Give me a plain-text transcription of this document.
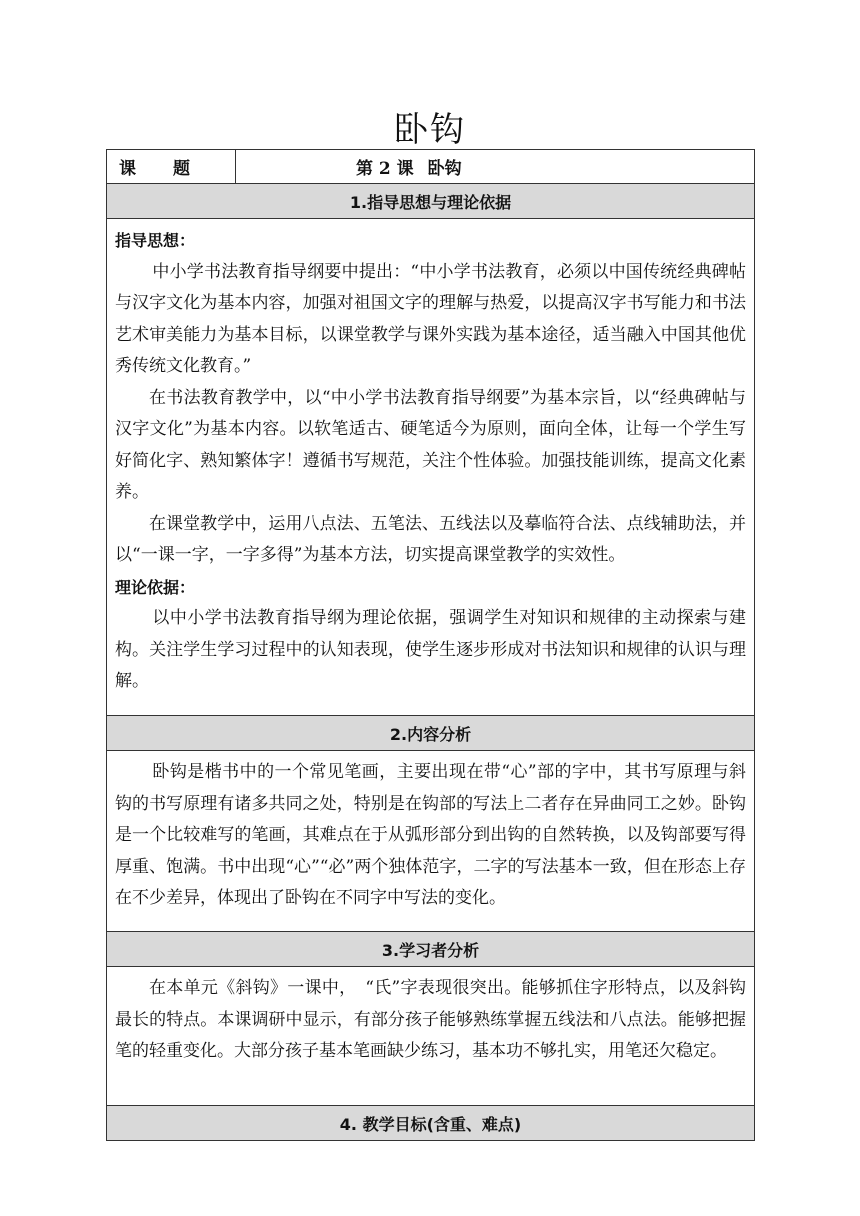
卧钩
课　　题	第 2 课 卧钩
1.指导思想与理论依据

指导思想：

中小学书法教育指导纲要中提出：“中小学书法教育，必须以中国传统经典碑帖与汉字文化为基本内容，加强对祖国文字的理解与热爱，以提高汉字书写能力和书法艺术审美能力为基本目标，以课堂教学与课外实践为基本途径，适当融入中国其他优秀传统文化教育。”

在书法教育教学中，以“中小学书法教育指导纲要”为基本宗旨，以“经典碑帖与汉字文化”为基本内容。以软笔适古、硬笔适今为原则，面向全体，让每一个学生写好简化字、熟知繁体字！遵循书写规范，关注个性体验。加强技能训练，提高文化素养。

在课堂教学中，运用八点法、五笔法、五线法以及摹临符合法、点线辅助法，并以“一课一字，一字多得”为基本方法，切实提高课堂教学的实效性。

理论依据：

以中小学书法教育指导纲为理论依据，强调学生对知识和规律的主动探索与建构。关注学生学习过程中的认知表现，使学生逐步形成对书法知识和规律的认识与理解。

2.内容分析

卧钩是楷书中的一个常见笔画，主要出现在带“心”部的字中，其书写原理与斜钩的书写原理有诸多共同之处，特别是在钩部的写法上二者存在异曲同工之妙。卧钩是一个比较难写的笔画，其难点在于从弧形部分到出钩的自然转换，以及钩部要写得厚重、饱满。书中出现“心”“必”两个独体范字，二字的写法基本一致，但在形态上存在不少差异，体现出了卧钩在不同字中写法的变化。

3.学习者分析

在本单元《斜钩》一课中，　“氏”字表现很突出。能够抓住字形特点，以及斜钩最长的特点。本课调研中显示，有部分孩子能够熟练掌握五线法和八点法。能够把握笔的轻重变化。大部分孩子基本笔画缺少练习，基本功不够扎实，用笔还欠稳定。

4. 教学目标(含重、难点)
